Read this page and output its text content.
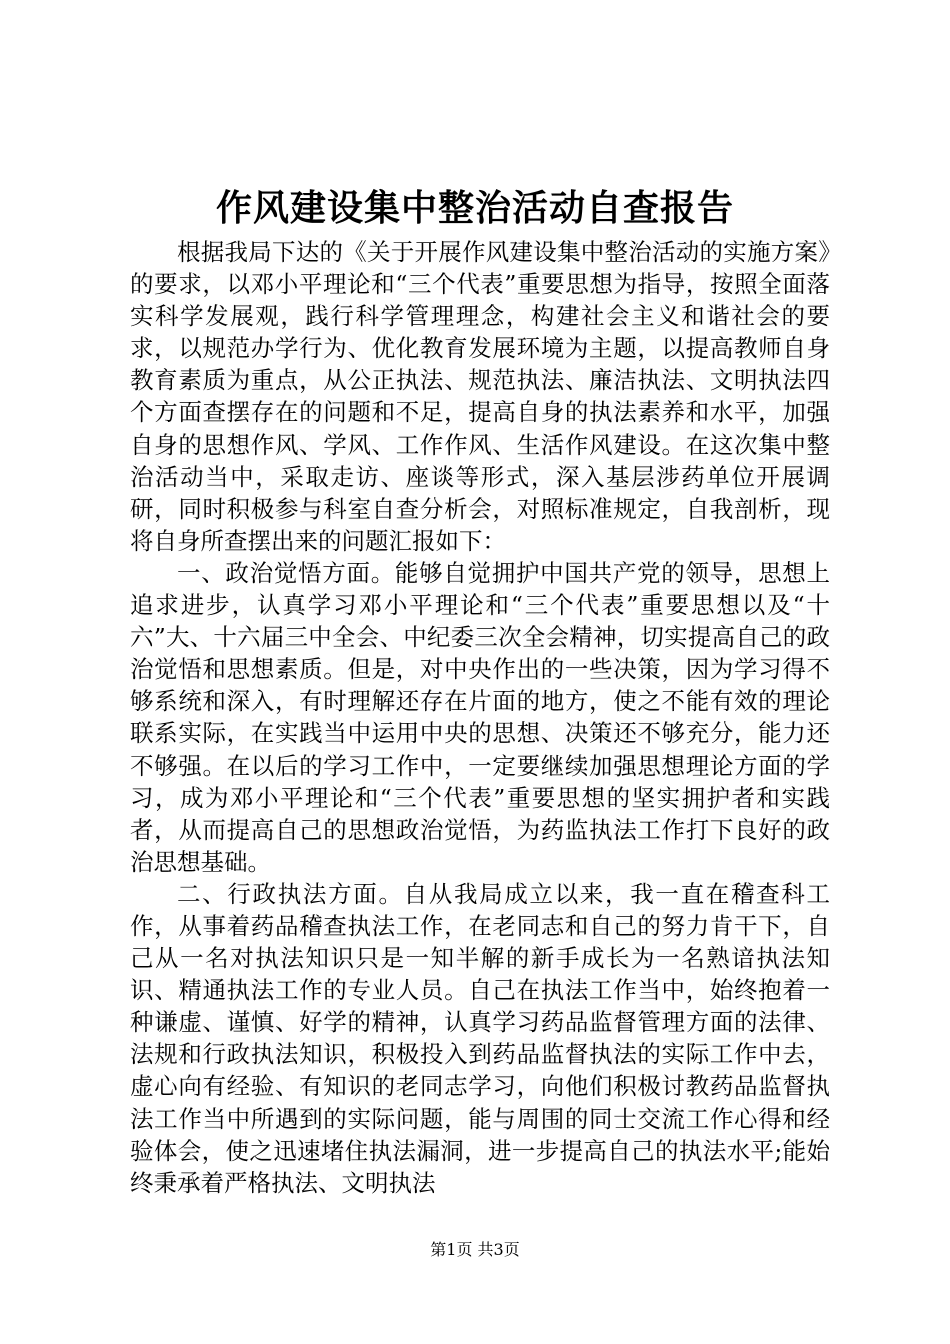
作风建设集中整治活动自查报告

根据我局下达的《关于开展作风建设集中整治活动的实施方案》的要求，以邓小平理论和“三个代表”重要思想为指导，按照全面落实科学发展观，践行科学管理理念，构建社会主义和谐社会的要求，以规范办学行为、优化教育发展环境为主题，以提高教师自身教育素质为重点，从公正执法、规范执法、廉洁执法、文明执法四个方面查摆存在的问题和不足，提高自身的执法素养和水平，加强自身的思想作风、学风、工作作风、生活作风建设。在这次集中整治活动当中，采取走访、座谈等形式，深入基层涉药单位开展调研，同时积极参与科室自查分析会，对照标准规定，自我剖析，现将自身所查摆出来的问题汇报如下：

一、政治觉悟方面。能够自觉拥护中国共产党的领导，思想上追求进步，认真学习邓小平理论和“三个代表”重要思想以及“十六”大、十六届三中全会、中纪委三次全会精神，切实提高自己的政治觉悟和思想素质。但是，对中央作出的一些决策，因为学习得不够系统和深入，有时理解还存在片面的地方，使之不能有效的理论联系实际，在实践当中运用中央的思想、决策还不够充分，能力还不够强。在以后的学习工作中，一定要继续加强思想理论方面的学习，成为邓小平理论和“三个代表”重要思想的坚实拥护者和实践者，从而提高自己的思想政治觉悟，为药监执法工作打下良好的政治思想基础。

二、行政执法方面。自从我局成立以来，我一直在稽查科工作，从事着药品稽查执法工作，在老同志和自己的努力肯干下，自己从一名对执法知识只是一知半解的新手成长为一名熟谙执法知识、精通执法工作的专业人员。自己在执法工作当中，始终抱着一种谦虚、谨慎、好学的精神，认真学习药品监督管理方面的法律、法规和行政执法知识，积极投入到药品监督执法的实际工作中去，虚心向有经验、有知识的老同志学习，向他们积极讨教药品监督执法工作当中所遇到的实际问题，能与周围的同士交流工作心得和经验体会，使之迅速堵住执法漏洞，进一步提高自己的执法水平;能始终秉承着严格执法、文明执法

第1页 共3页
